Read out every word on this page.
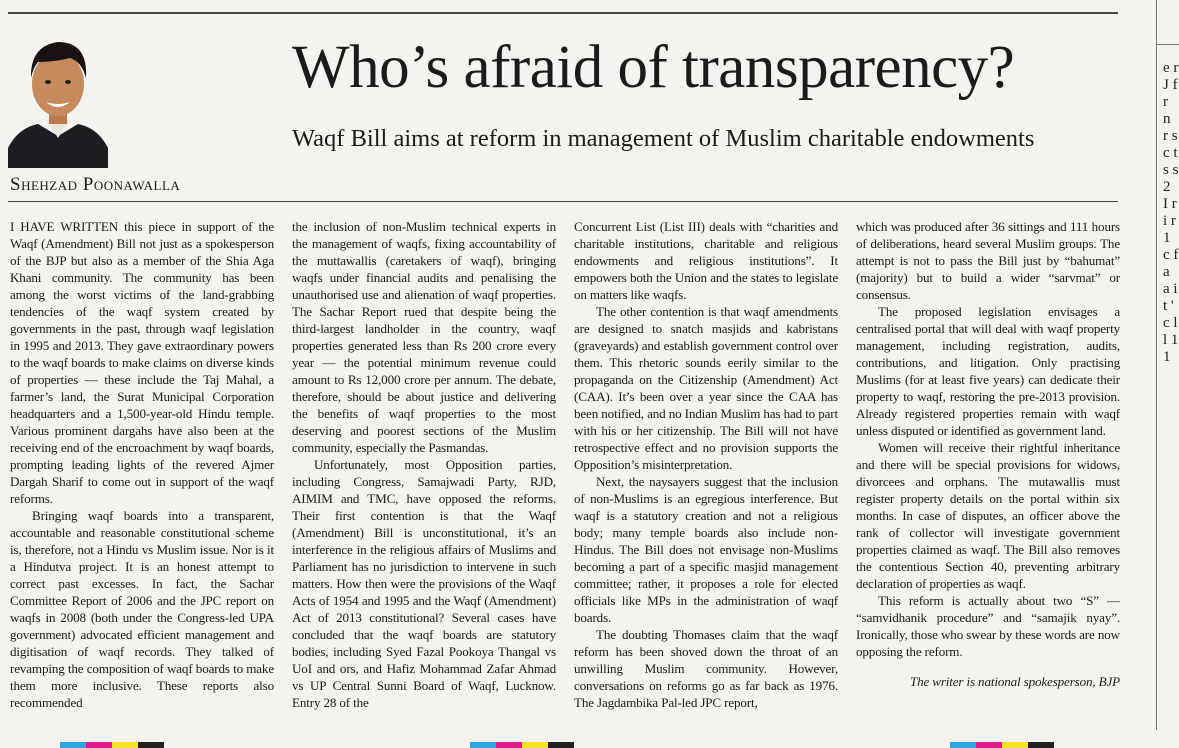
e r J f r n r s c t s s 2 I r i r 1 c f a a i t ' c l l 1 1
Who’s afraid of transparency?
Waqf Bill aims at reform in management of Muslim charitable endowments
Shehzad Poonawalla

I HAVE WRITTEN this piece in support of the Waqf (Amendment) Bill not just as a spokesperson of the BJP but also as a member of the Shia Aga Khani community. The community has been among the worst victims of the land-grabbing tendencies of the waqf system created by governments in the past, through waqf legislation in 1995 and 2013. They gave extraordinary powers to the waqf boards to make claims on diverse kinds of properties — these include the Taj Mahal, a farmer’s land, the Surat Municipal Corporation headquarters and a 1,500-year-old Hindu temple. Various prominent dargahs have also been at the receiving end of the encroachment by waqf boards, prompting leading lights of the revered Ajmer Dargah Sharif to come out in support of the waqf reforms.

Bringing waqf boards into a transparent, accountable and reasonable constitutional scheme is, therefore, not a Hindu vs Muslim issue. Nor is it a Hindutva project. It is an honest attempt to correct past excesses. In fact, the Sachar Committee Report of 2006 and the JPC report on waqfs in 2008 (both under the Congress-led UPA government) advocated efficient management and digitisation of waqf records. They talked of revamping the composition of waqf boards to make them more inclusive. These reports also recommended

the inclusion of non-Muslim technical experts in the management of waqfs, fixing accountability of the muttawallis (caretakers of waqf), bringing waqfs under financial audits and penalising the unauthorised use and alienation of waqf properties. The Sachar Report rued that despite being the third-largest landholder in the country, waqf properties generated less than Rs 200 crore every year — the potential minimum revenue could amount to Rs 12,000 crore per annum. The debate, therefore, should be about justice and delivering the benefits of waqf properties to the most deserving and poorest sections of the Muslim community, especially the Pasmandas.

Unfortunately, most Opposition parties, including Congress, Samajwadi Party, RJD, AIMIM and TMC, have opposed the reforms. Their first contention is that the Waqf (Amendment) Bill is unconstitutional, it’s an interference in the religious affairs of Muslims and Parliament has no jurisdiction to intervene in such matters. How then were the provisions of the Waqf Acts of 1954 and 1995 and the Waqf (Amendment) Act of 2013 constitutional? Several cases have concluded that the waqf boards are statutory bodies, including Syed Fazal Pookoya Thangal vs UoI and ors, and Hafiz Mohammad Zafar Ahmad vs UP Central Sunni Board of Waqf, Lucknow. Entry 28 of the

Concurrent List (List III) deals with “charities and charitable institutions, charitable and religious endowments and religious institutions”. It empowers both the Union and the states to legislate on matters like waqfs.

The other contention is that waqf amendments are designed to snatch masjids and kabristans (graveyards) and establish government control over them. This rhetoric sounds eerily similar to the propaganda on the Citizenship (Amendment) Act (CAA). It’s been over a year since the CAA has been notified, and no Indian Muslim has had to part with his or her citizenship. The Bill will not have retrospective effect and no provision supports the Opposition’s misinterpretation.

Next, the naysayers suggest that the inclusion of non-Muslims is an egregious interference. But waqf is a statutory creation and not a religious body; many temple boards also include non-Hindus. The Bill does not envisage non-Muslims becoming a part of a specific masjid management committee; rather, it proposes a role for elected officials like MPs in the administration of waqf boards.

The doubting Thomases claim that the waqf reform has been shoved down the throat of an unwilling Muslim community. However, conversations on reforms go as far back as 1976. The Jagdambika Pal-led JPC report,

which was produced after 36 sittings and 111 hours of deliberations, heard several Muslim groups. The attempt is not to pass the Bill just by “bahumat” (majority) but to build a wider “sarvmat” or consensus.

The proposed legislation envisages a centralised portal that will deal with waqf property management, including registration, audits, contributions, and litigation. Only practising Muslims (for at least five years) can dedicate their property to waqf, restoring the pre-2013 provision. Already registered properties remain with waqf unless disputed or identified as government land.

Women will receive their rightful inheritance and there will be special provisions for widows, divorcees and orphans. The mutawallis must register property details on the portal within six months. In case of disputes, an officer above the rank of collector will investigate government properties claimed as waqf. The Bill also removes the contentious Section 40, preventing arbitrary declaration of properties as waqf.

This reform is actually about two “S” — “samvidhanik procedure” and “samajik nyay”. Ironically, those who swear by these words are now opposing the reform.

The writer is national spokesperson, BJP
